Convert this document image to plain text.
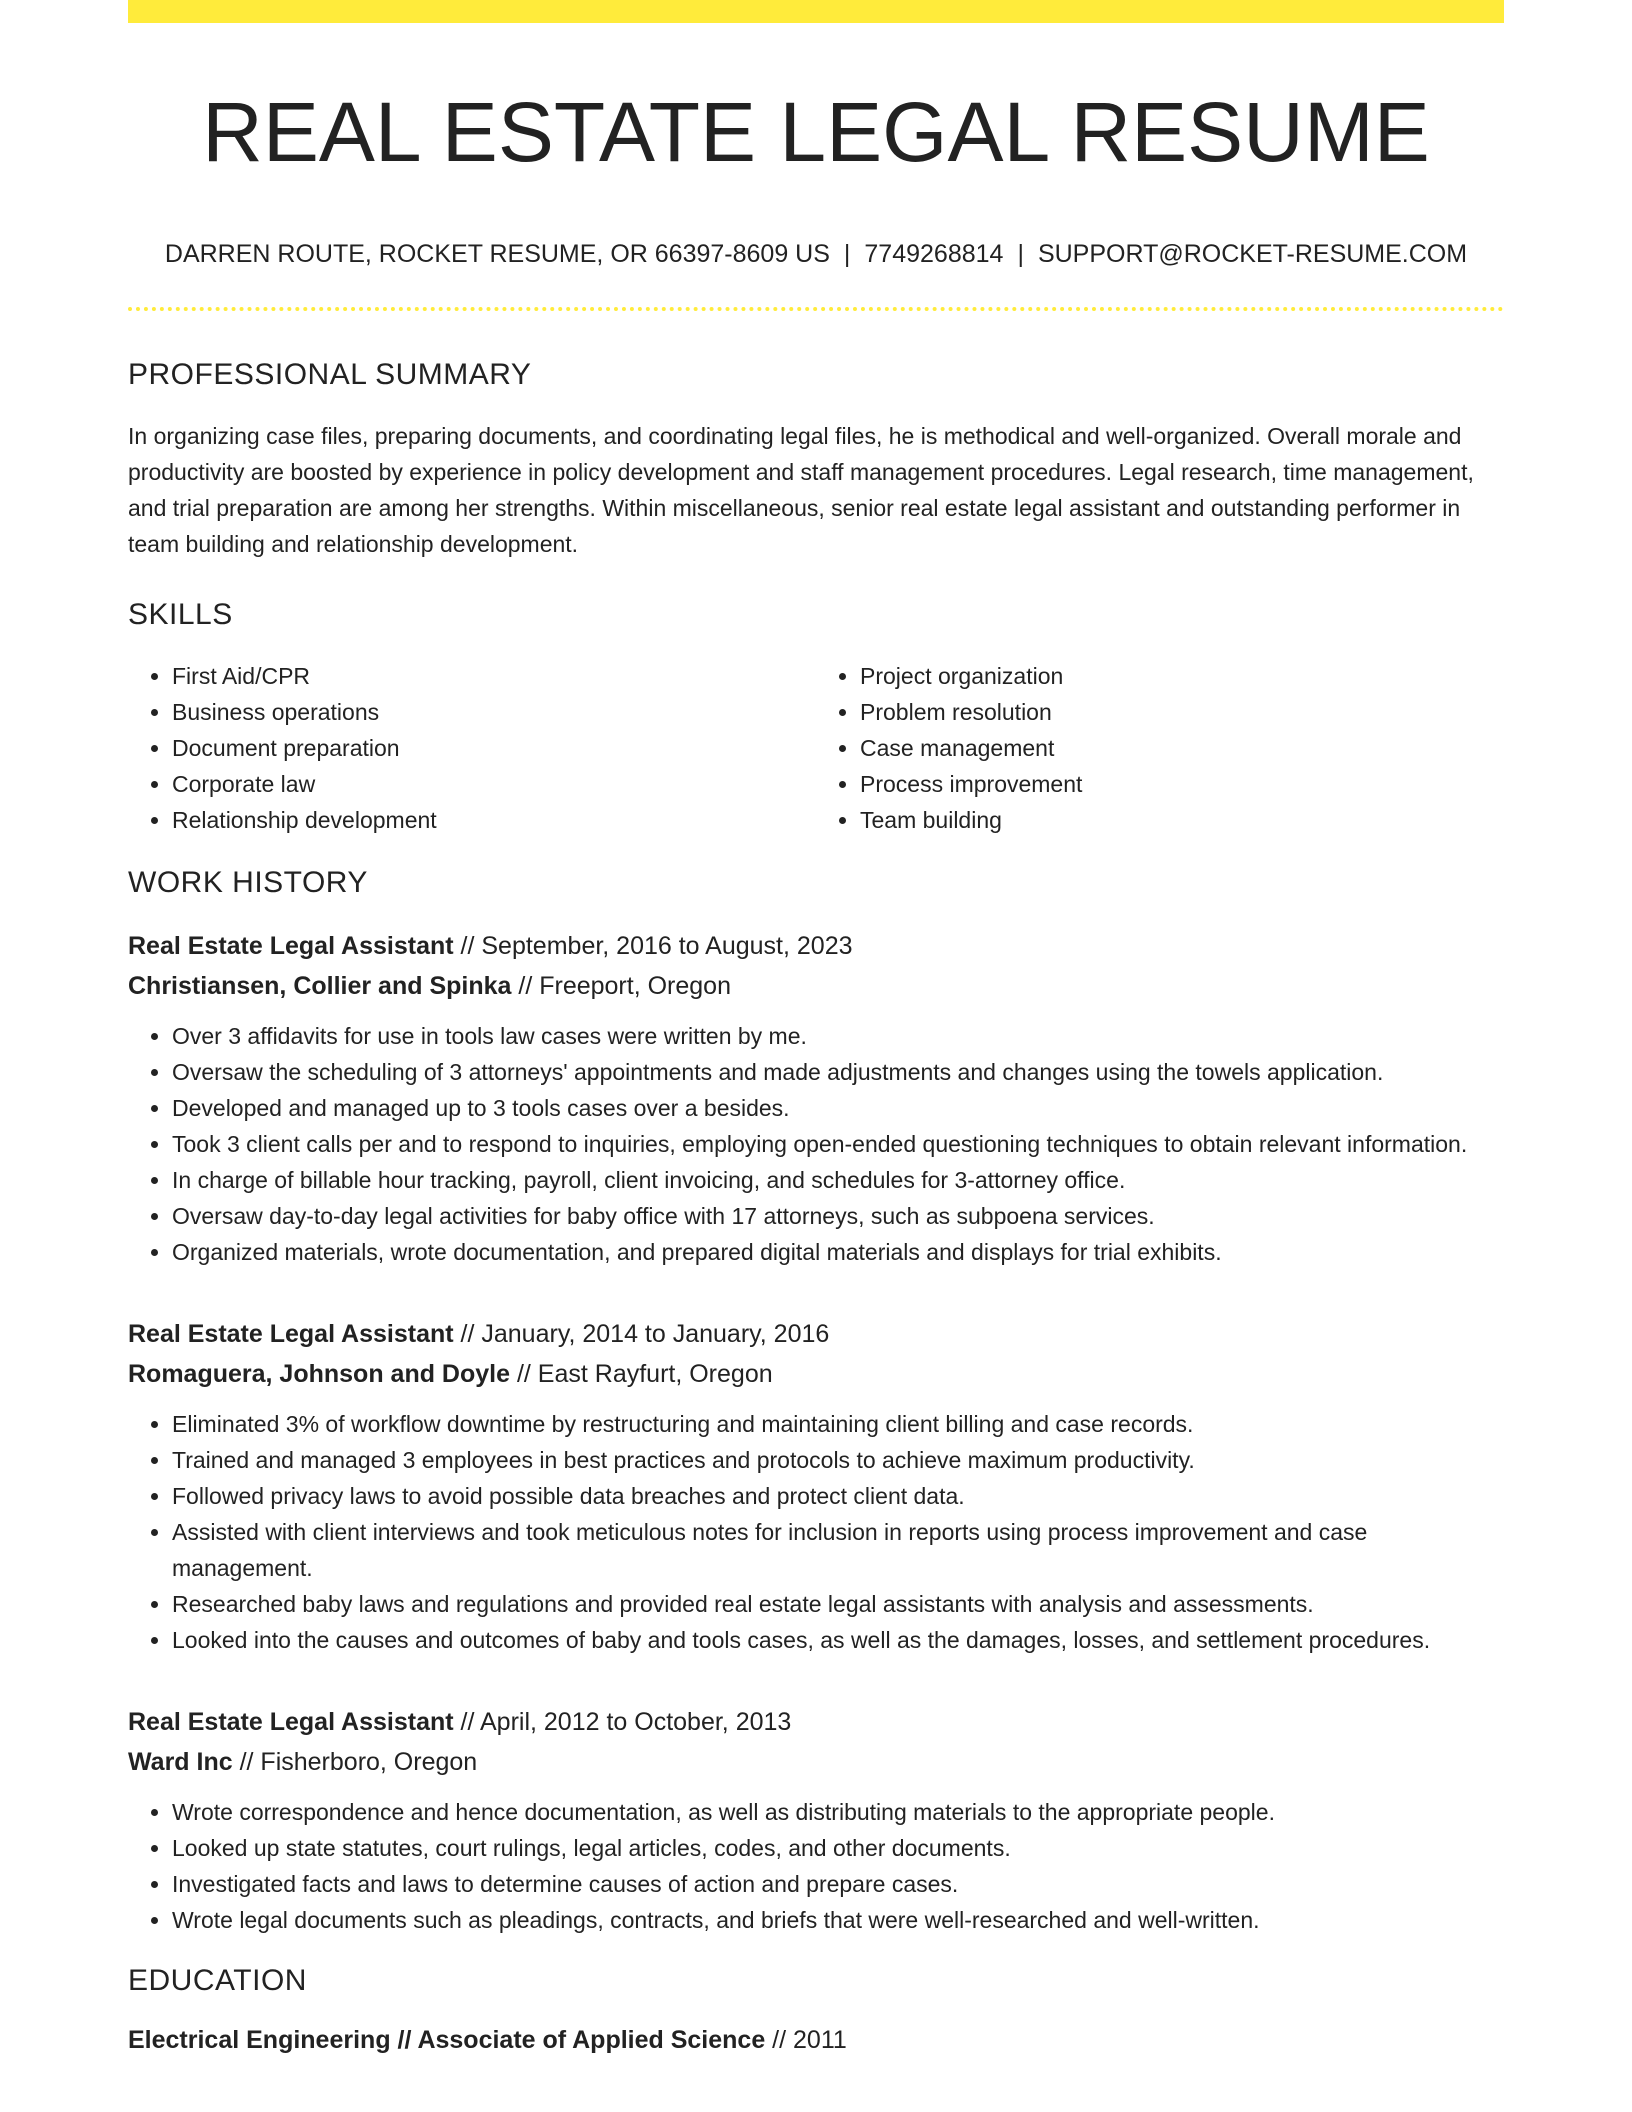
REAL ESTATE LEGAL RESUME
DARREN ROUTE, ROCKET RESUME, OR 66397-8609 US | 7749268814 | SUPPORT@ROCKET-RESUME.COM
PROFESSIONAL SUMMARY

In organizing case files, preparing documents, and coordinating legal files, he is methodical and well-organized. Overall morale and productivity are boosted by experience in policy development and staff management procedures. Legal research, time management, and trial preparation are among her strengths. Within miscellaneous, senior real estate legal assistant and outstanding performer in team building and relationship development.

SKILLS
• First Aid/CPR
• Business operations
• Document preparation
• Corporate law
• Relationship development
• Project organization
• Problem resolution
• Case management
• Process improvement
• Team building
WORK HISTORY

Real Estate Legal Assistant // September, 2016 to August, 2023

Christiansen, Collier and Spinka // Freeport, Oregon

• Over 3 affidavits for use in tools law cases were written by me.
• Oversaw the scheduling of 3 attorneys' appointments and made adjustments and changes using the towels application.
• Developed and managed up to 3 tools cases over a besides.
• Took 3 client calls per and to respond to inquiries, employing open-ended questioning techniques to obtain relevant information.
• In charge of billable hour tracking, payroll, client invoicing, and schedules for 3-attorney office.
• Oversaw day-to-day legal activities for baby office with 17 attorneys, such as subpoena services.
• Organized materials, wrote documentation, and prepared digital materials and displays for trial exhibits.

Real Estate Legal Assistant // January, 2014 to January, 2016

Romaguera, Johnson and Doyle // East Rayfurt, Oregon

• Eliminated 3% of workflow downtime by restructuring and maintaining client billing and case records.
• Trained and managed 3 employees in best practices and protocols to achieve maximum productivity.
• Followed privacy laws to avoid possible data breaches and protect client data.
• Assisted with client interviews and took meticulous notes for inclusion in reports using process improvement and case management.
• Researched baby laws and regulations and provided real estate legal assistants with analysis and assessments.
• Looked into the causes and outcomes of baby and tools cases, as well as the damages, losses, and settlement procedures.

Real Estate Legal Assistant // April, 2012 to October, 2013

Ward Inc // Fisherboro, Oregon

• Wrote correspondence and hence documentation, as well as distributing materials to the appropriate people.
• Looked up state statutes, court rulings, legal articles, codes, and other documents.
• Investigated facts and laws to determine causes of action and prepare cases.
• Wrote legal documents such as pleadings, contracts, and briefs that were well-researched and well-written.
EDUCATION

Electrical Engineering // Associate of Applied Science // 2011
